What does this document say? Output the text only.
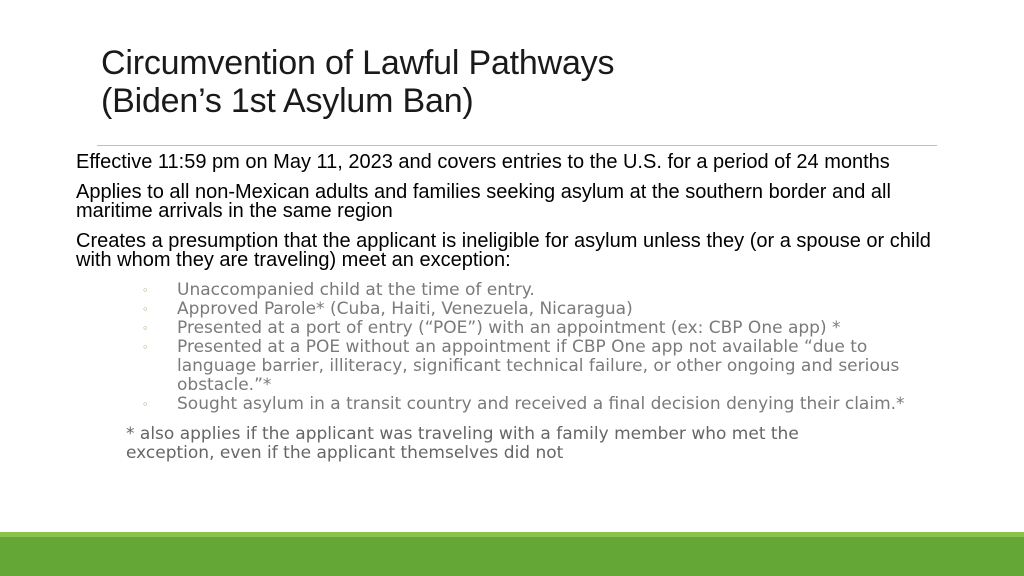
Circumvention of Lawful Pathways
(Biden’s 1st Asylum Ban)

Effective 11:59 pm on May 11, 2023 and covers entries to the U.S. for a period of 24 months

Applies to all non-Mexican adults and families seeking asylum at the southern border and all maritime arrivals in the same region

Creates a presumption that the applicant is ineligible for asylum unless they (or a spouse or child with whom they are traveling) meet an exception:

◦ Unaccompanied child at the time of entry.
◦ Approved Parole* (Cuba, Haiti, Venezuela, Nicaragua)
◦ Presented at a port of entry (“POE”) with an appointment (ex: CBP One app) *
◦ Presented at a POE without an appointment if CBP One app not available “due to language barrier, illiteracy, significant technical failure, or other ongoing and serious obstacle.”*
◦ Sought asylum in a transit country and received a final decision denying their claim.*
* also applies if the applicant was traveling with a family member who met the exception, even if the applicant themselves did not
